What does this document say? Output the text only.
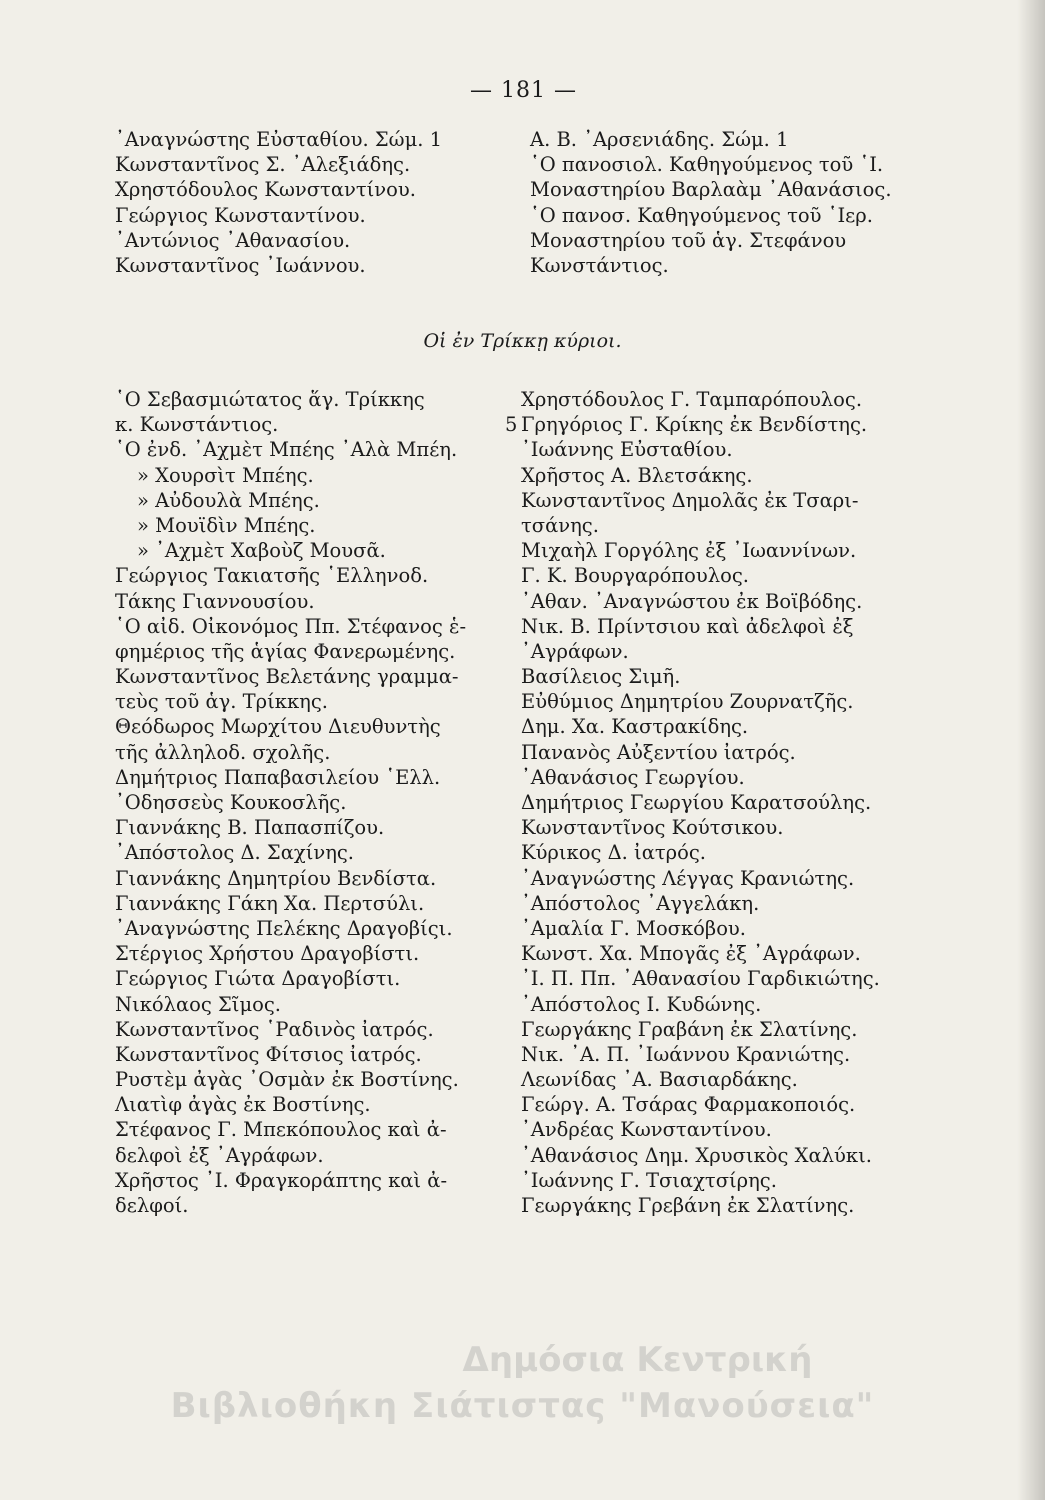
— 181 —
᾿Αναγνώστης Εὐσταθίου. Σώμ. 1
Κωνσταντῖνος Σ. ᾿Αλεξιάδης.
Χρηστόδουλος Κωνσταντίνου.
Γεώργιος Κωνσταντίνου.
᾿Αντώνιος ᾿Αθανασίου.
Κωνσταντῖνος ᾿Ιωάννου.
Α. Β. ᾿Αρσενιάδης. Σώμ. 1
῾Ο πανοσιολ. Καθηγούμενος τοῦ ῾Ι.
Μοναστηρίου Βαρλαὰμ ᾿Αθανάσιος.
῾Ο πανοσ. Καθηγούμενος τοῦ ῾Ιερ.
Μοναστηρίου τοῦ ἁγ. Στεφάνου
Κωνστάντιος.
Οἱ ἐν Τρίκκῃ κύριοι.
5
῾Ο Σεβασμιώτατος ἅγ. Τρίκκης
κ. Κωνστάντιος.
῾Ο ἐνδ. ᾿Αχμὲτ Μπέης ᾿Αλὰ Μπέη.
» Χουρσὶτ Μπέης.
» Αὐδουλὰ Μπέης.
» Μουϊδὶν Μπέης.
» ᾿Αχμὲτ Χαβοὺζ Μουσᾶ.
Γεώργιος Τακιατσῆς ῾Ελληνοδ.
Τάκης Γιαννουσίου.
῾Ο αἰδ. Οἰκονόμος Ππ. Στέφανος ἑ-
φημέριος τῆς ἁγίας Φανερωμένης.
Κωνσταντῖνος Βελετάνης γραμμα-
τεὺς τοῦ ἁγ. Τρίκκης.
Θεόδωρος Μωρχίτου Διευθυντὴς
τῆς ἀλληλοδ. σχολῆς.
Δημήτριος Παπαβασιλείου ῾Ελλ.
᾿Οδησσεὺς Κουκοσλῆς.
Γιαννάκης Β. Παπασπίζου.
᾿Απόστολος Δ. Σαχίνης.
Γιαννάκης Δημητρίου Βενδίστα.
Γιαννάκης Γάκη Χα. Περτσύλι.
᾿Αναγνώστης Πελέκης Δραγοβίςι.
Στέργιος Χρήστου Δραγοβίστι.
Γεώργιος Γιώτα Δραγοβίστι.
Νικόλαος Σῖμος.
Κωνσταντῖνος ῾Ραδινὸς ἰατρός.
Κωνσταντῖνος Φίτσιος ἰατρός.
Ρυστὲμ ἀγὰς ᾿Οσμὰν ἐκ Βοστίνης.
Λιατὶφ ἀγὰς ἐκ Βοστίνης.
Στέφανος Γ. Μπεκόπουλος καὶ ἀ-
δελφοὶ ἐξ ᾿Αγράφων.
Χρῆστος ᾿Ι. Φραγκοράπτης καὶ ἀ-
δελφοί.
Χρηστόδουλος Γ. Ταμπαρόπουλος.
Γρηγόριος Γ. Κρίκης ἐκ Βενδίστης.
᾿Ιωάννης Εὐσταθίου.
Χρῆστος Α. Βλετσάκης.
Κωνσταντῖνος Δημολᾶς ἐκ Τσαρι-
τσάνης.
Μιχαὴλ Γοργόλης ἐξ ᾿Ιωαννίνων.
Γ. Κ. Βουργαρόπουλος.
᾿Αθαν. ᾿Αναγνώστου ἐκ Βοϊβόδης.
Νικ. Β. Πρίντσιου καὶ ἀδελφοὶ ἐξ
᾿Αγράφων.
Βασίλειος Σιμῆ.
Εὐθύμιος Δημητρίου Ζουρνατζῆς.
Δημ. Χα. Καστρακίδης.
Πανανὸς Αὐξεντίου ἰατρός.
᾿Αθανάσιος Γεωργίου.
Δημήτριος Γεωργίου Καρατσούλης.
Κωνσταντῖνος Κούτσικου.
Κύρικος Δ. ἰατρός.
᾿Αναγνώστης Λέγγας Κρανιώτης.
᾿Απόστολος ᾿Αγγελάκη.
᾿Αμαλία Γ. Μοσκόβου.
Κωνστ. Χα. Μπογᾶς ἐξ ᾿Αγράφων.
᾿Ι. Π. Ππ. ᾿Αθανασίου Γαρδικιώτης.
᾿Απόστολος Ι. Κυδώνης.
Γεωργάκης Γραβάνη ἐκ Σλατίνης.
Νικ. ᾿Α. Π. ᾿Ιωάννου Κρανιώτης.
Λεωνίδας ᾿Α. Βασιαρδάκης.
Γεώργ. Α. Τσάρας Φαρμακοποιός.
᾿Ανδρέας Κωνσταντίνου.
᾿Αθανάσιος Δημ. Χρυσικὸς Χαλύκι.
᾿Ιωάννης Γ. Τσιαχτσίρης.
Γεωργάκης Γρεβάνη ἐκ Σλατίνης.
Δημόσια Κεντρική
Βιβλιοθήκη Σιάτιστας "Μανούσεια"
